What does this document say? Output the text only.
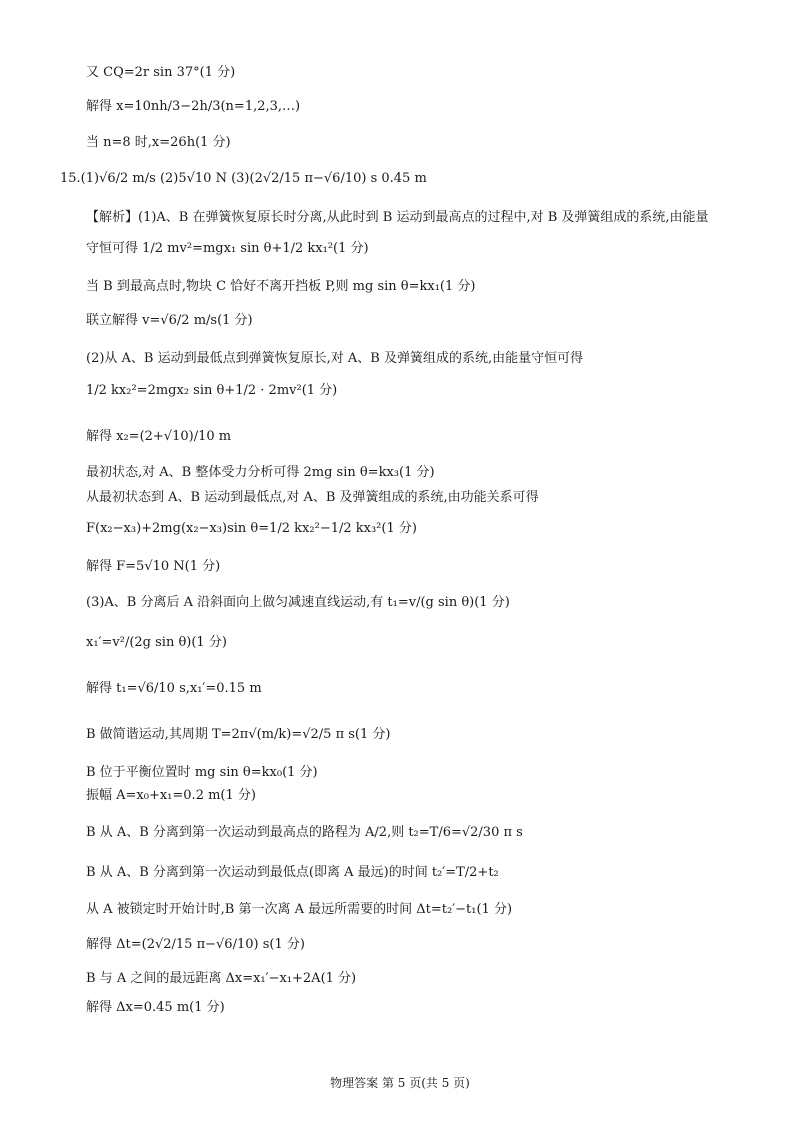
又 CQ=2r sin 37°(1 分)
解得 x=10nh/3−2h/3(n=1,2,3,…)
当 n=8 时,x=26h(1 分)
15.(1)√6/2 m/s (2)5√10 N (3)(2√2/15 π−√6/10) s 0.45 m
【解析】(1)A、B 在弹簧恢复原长时分离,从此时到 B 运动到最高点的过程中,对 B 及弹簧组成的系统,由能量
守恒可得 1/2 mv²=mgx₁ sin θ+1/2 kx₁²(1 分)
当 B 到最高点时,物块 C 恰好不离开挡板 P,则 mg sin θ=kx₁(1 分)
联立解得 v=√6/2 m/s(1 分)
(2)从 A、B 运动到最低点到弹簧恢复原长,对 A、B 及弹簧组成的系统,由能量守恒可得
1/2 kx₂²=2mgx₂ sin θ+1/2 · 2mv²(1 分)
解得 x₂=(2+√10)/10 m
最初状态,对 A、B 整体受力分析可得 2mg sin θ=kx₃(1 分)
从最初状态到 A、B 运动到最低点,对 A、B 及弹簧组成的系统,由功能关系可得
F(x₂−x₃)+2mg(x₂−x₃)sin θ=1/2 kx₂²−1/2 kx₃²(1 分)
解得 F=5√10 N(1 分)
(3)A、B 分离后 A 沿斜面向上做匀减速直线运动,有 t₁=v/(g sin θ)(1 分)
x₁′=v²/(2g sin θ)(1 分)
解得 t₁=√6/10 s,x₁′=0.15 m
B 做简谐运动,其周期 T=2π√(m/k)=√2/5 π s(1 分)
B 位于平衡位置时 mg sin θ=kx₀(1 分)
振幅 A=x₀+x₁=0.2 m(1 分)
B 从 A、B 分离到第一次运动到最高点的路程为 A/2,则 t₂=T/6=√2/30 π s
B 从 A、B 分离到第一次运动到最低点(即离 A 最远)的时间 t₂′=T/2+t₂
从 A 被锁定时开始计时,B 第一次离 A 最远所需要的时间 Δt=t₂′−t₁(1 分)
解得 Δt=(2√2/15 π−√6/10) s(1 分)
B 与 A 之间的最远距离 Δx=x₁′−x₁+2A(1 分)
解得 Δx=0.45 m(1 分)
物理答案 第 5 页(共 5 页)
